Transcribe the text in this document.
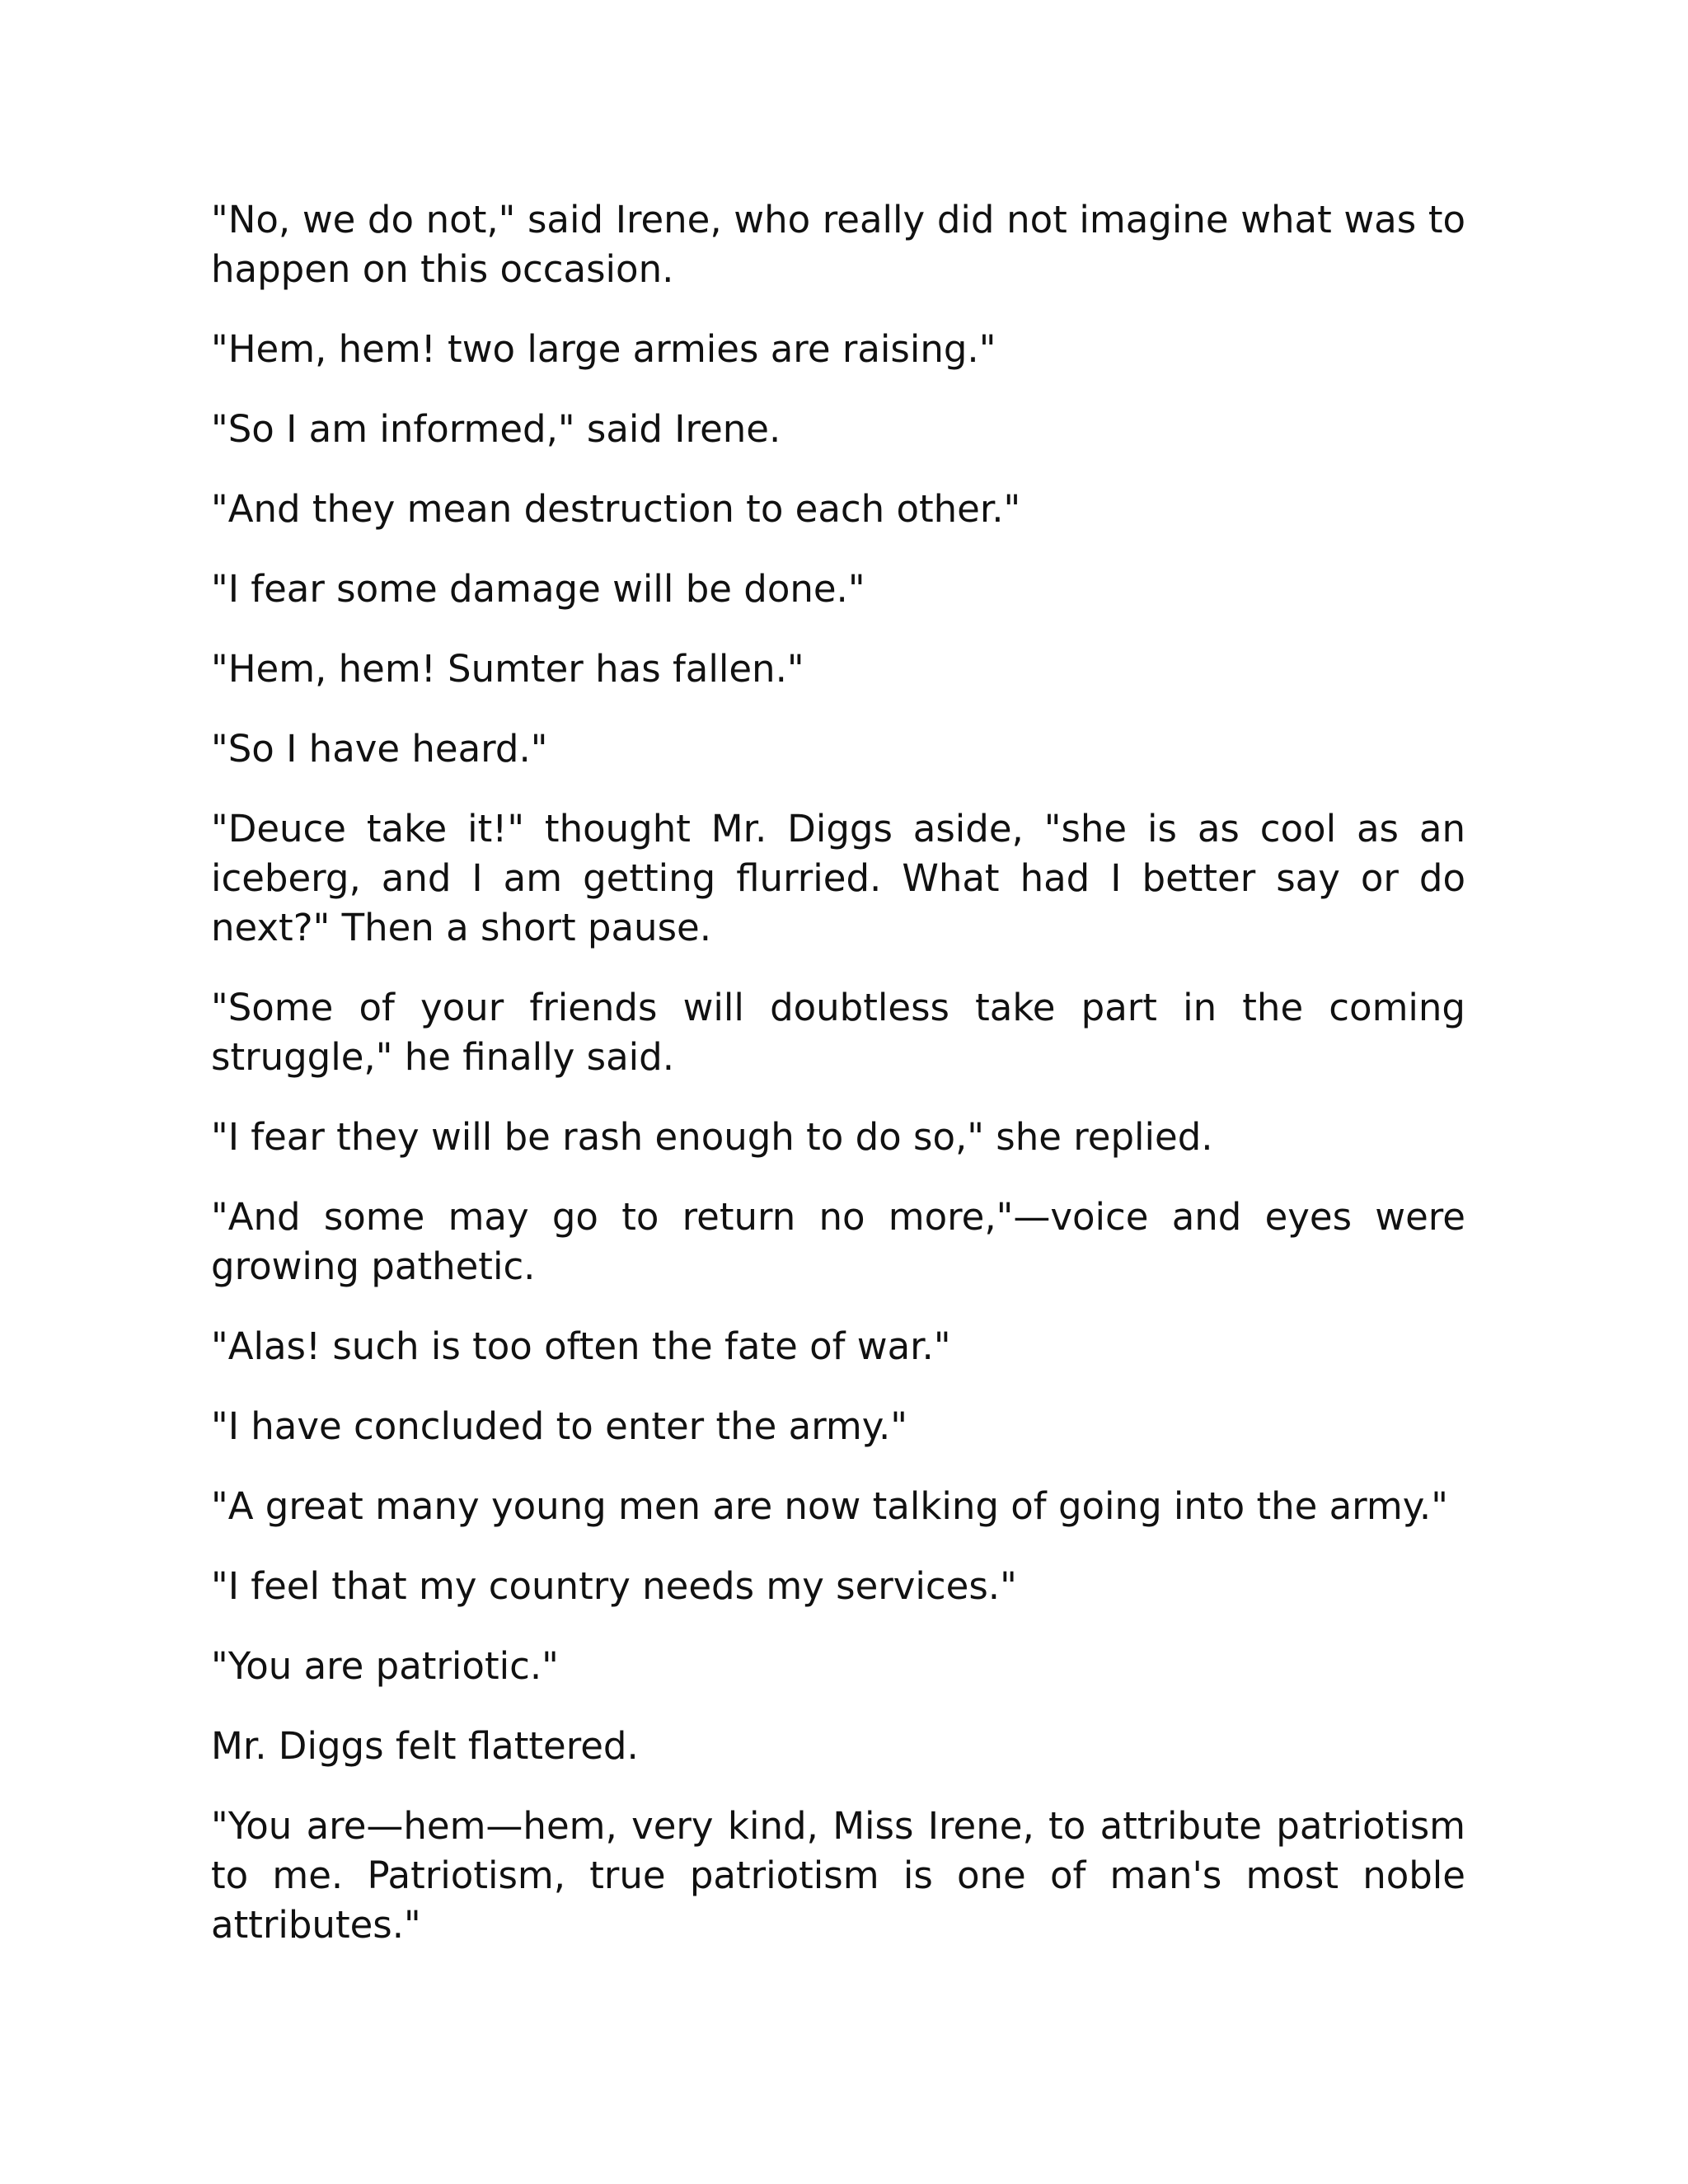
"No, we do not," said Irene, who really did not imagine what was to happen on this occasion.

"Hem, hem! two large armies are raising."

"So I am informed," said Irene.

"And they mean destruction to each other."

"I fear some damage will be done."

"Hem, hem! Sumter has fallen."

"So I have heard."

"Deuce take it!" thought Mr. Diggs aside, "she is as cool as an iceberg, and I am getting flurried. What had I better say or do next?" Then a short pause.

"Some of your friends will doubtless take part in the coming struggle," he finally said.

"I fear they will be rash enough to do so," she replied.

"And some may go to return no more,"—voice and eyes were growing pathetic.

"Alas! such is too often the fate of war."

"I have concluded to enter the army."

"A great many young men are now talking of going into the army."

"I feel that my country needs my services."

"You are patriotic."

Mr. Diggs felt flattered.

"You are—hem—hem, very kind, Miss Irene, to attribute patriotism to me. Patriotism, true patriotism is one of man's most noble attributes."
